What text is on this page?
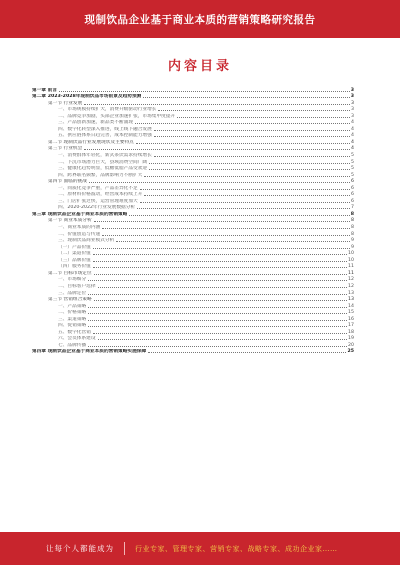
现制饮品企业基于商业本质的营销策略研究报告
内容目录
第一章 前言	3
第二章 2023-2028年现制饮品市场前景及趋势预测	3
第一节 行业发展	3
一、市场规模持续扩大，消费升级驱动行业增长	3
二、品牌竞争加剧，头部企业加速扩张，市场集中度提升	3
三、产品创新加速，新品类不断涌现	4
四、数字化转型深入推进，线上线下融合发展	4
五、供应链体系日趋完善，成本控制能力增强	4
第二节 现制饮品行业发展现状及主要特点	4
第三节 行业机会	4
一、消费群体年轻化，新式茶饮需求持续增长	5
二、下沉市场潜力巨大，县域消费空间广阔	5
三、健康化趋势明显，低糖低脂产品受欢迎	5
四、跨界联名频繁，品牌影响力不断扩大	5
第四节 面临的挑战	6
一、同质化竞争严重，产品差异化不足	6
二、原材料价格波动，经营成本持续上升	6
三、门店扩张过快，运营管理难度加大	6
四、2020-2022年行业发展数据分析	7
第三章 现制饮品企业基于商业本质的营销策略	8
第一节 商业本质分析	8
一、商业本质的内涵	8
二、价值创造与传递	8
三、现制饮品商业模式分析	9
（一）产品价值	9
（二）渠道价值	10
（三）品牌价值	10
（四）服务价值	11
第二节 目标市场定位	11
一、市场细分	12
二、目标客户选择	12
三、品牌定位	13
第三节 营销组合策略	13
一、产品策略	14
二、价格策略	15
三、渠道策略	16
四、促销策略	17
五、数字化营销	18
六、会员体系建设	19
七、品牌传播	20
第四章 现制饮品企业基于商业本质的营销策略实施保障	25
让每个人都能成为	行业专家、管理专家、营销专家、战略专家、成功企业家……
